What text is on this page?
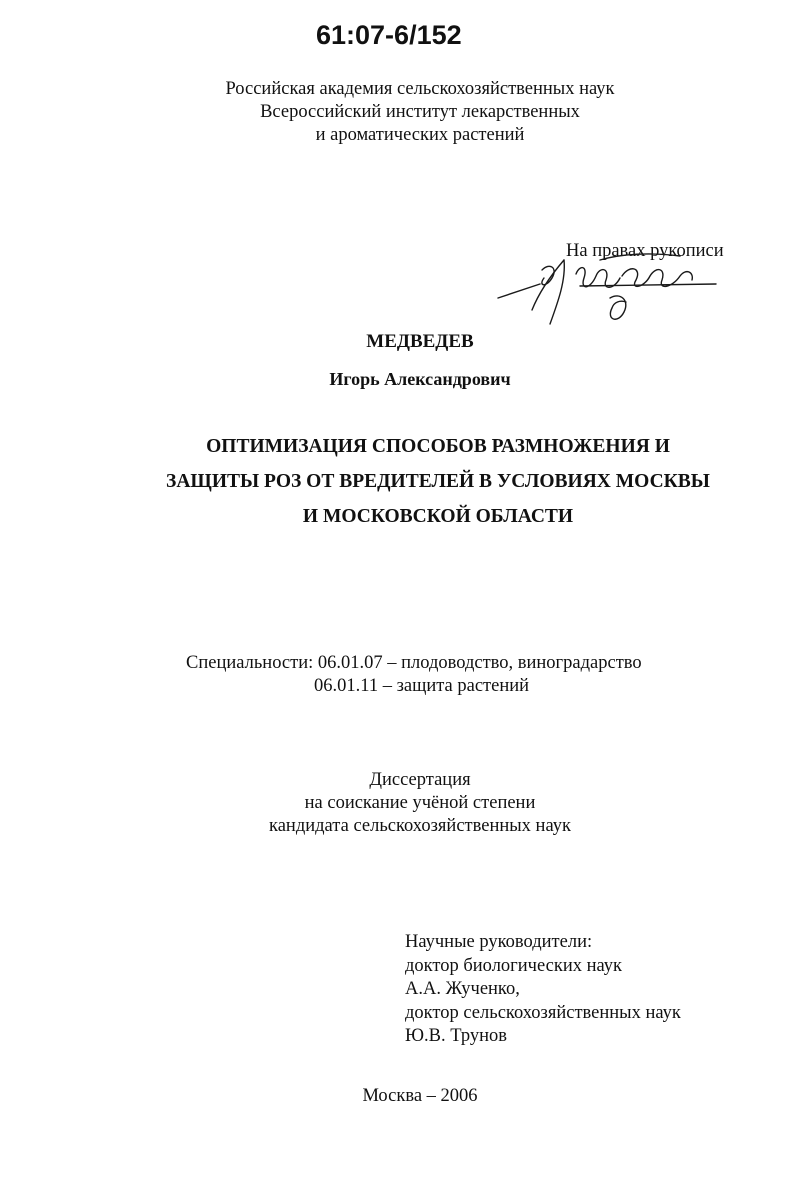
61:07-6/152
Российская академия сельскохозяйственных наук
Всероссийский институт лекарственных
и ароматических растений
На правах рукописи
МЕДВЕДЕВ
Игорь Александрович
ОПТИМИЗАЦИЯ СПОСОБОВ РАЗМНОЖЕНИЯ И
ЗАЩИТЫ РОЗ ОТ ВРЕДИТЕЛЕЙ В УСЛОВИЯХ МОСКВЫ
И МОСКОВСКОЙ ОБЛАСТИ
Специальности: 06.01.07 – плодоводство, виноградарство
06.01.11 – защита растений
Диссертация
на соискание учёной степени
кандидата сельскохозяйственных наук
Научные руководители:
доктор биологических наук
А.А. Жученко,
доктор сельскохозяйственных наук
Ю.В. Трунов
Москва – 2006
